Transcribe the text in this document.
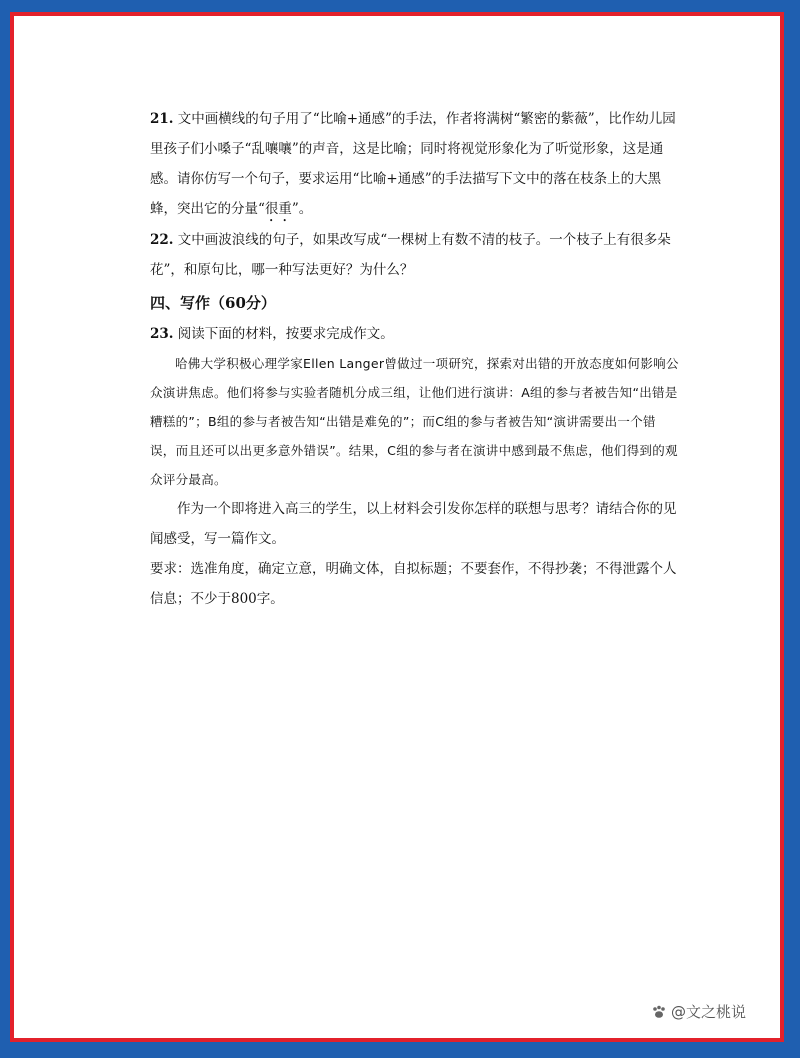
21. 文中画横线的句子用了“比喻+通感”的手法，作者将满树“繁密的紫薇”，比作幼儿园里孩子们小嗓子“乱嚷嚷”的声音，这是比喻；同时将视觉形象化为了听觉形象，这是通感。请你仿写一个句子，要求运用“比喻+通感”的手法描写下文中的落在枝条上的大黑蜂，突出它的分量“很重”。

22. 文中画波浪线的句子，如果改写成“一棵树上有数不清的枝子。一个枝子上有很多朵花”，和原句比，哪一种写法更好？为什么？

四、写作（60分）

23. 阅读下面的材料，按要求完成作文。

哈佛大学积极心理学家Ellen Langer曾做过一项研究，探索对出错的开放态度如何影响公众演讲焦虑。他们将参与实验者随机分成三组，让他们进行演讲：A组的参与者被告知“出错是糟糕的”；B组的参与者被告知“出错是难免的”；而C组的参与者被告知“演讲需要出一个错误，而且还可以出更多意外错误”。结果，C组的参与者在演讲中感到最不焦虑，他们得到的观众评分最高。

作为一个即将进入高三的学生，以上材料会引发你怎样的联想与思考？请结合你的见闻感受，写一篇作文。

要求：选准角度，确定立意，明确文体，自拟标题；不要套作，不得抄袭；不得泄露个人信息；不少于800字。

@文之桃说
